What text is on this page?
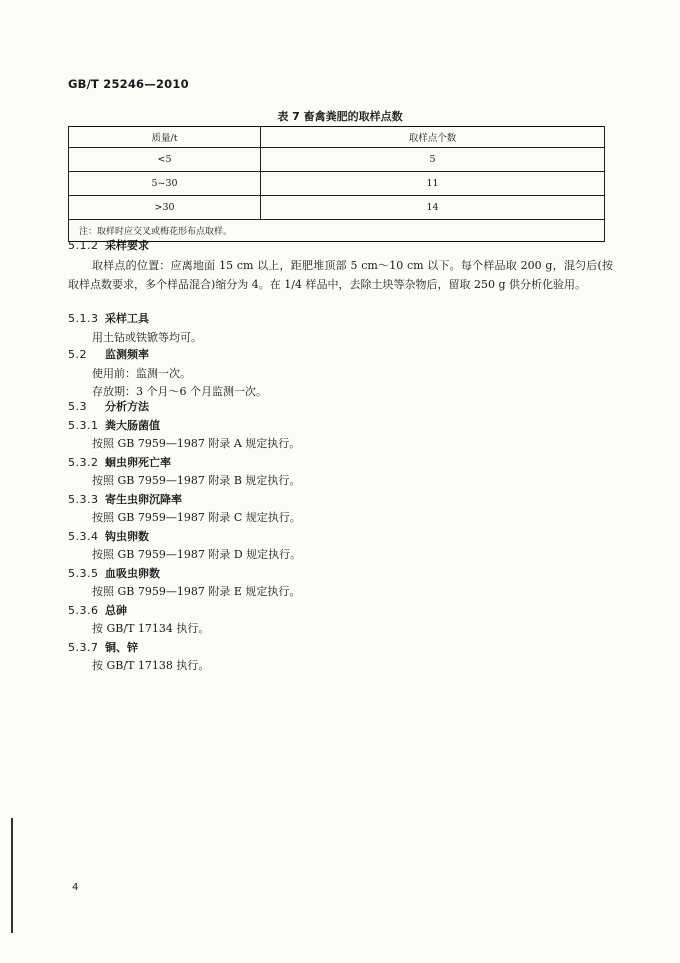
GB/T 25246—2010
表 7 畜禽粪肥的取样点数
质量/t	取样点个数
<5	5
5~30	11
>30	14
注：取样时应交叉或梅花形布点取样。	
5.1.2 采样要求
取样点的位置：应离地面 15 cm 以上，距肥堆顶部 5 cm～10 cm 以下。每个样品取 200 g，混匀后(按取样点数要求，多个样品混合)缩分为 4。在 1/4 样品中，去除土块等杂物后，留取 250 g 供分析化验用。
5.1.3 采样工具
用土钻或铁锨等均可。
5.2 监测频率
使用前：监测一次。
存放期：3 个月～6 个月监测一次。
5.3 分析方法
5.3.1 粪大肠菌值
按照 GB 7959—1987 附录 A 规定执行。
5.3.2 蛔虫卵死亡率
按照 GB 7959—1987 附录 B 规定执行。
5.3.3 寄生虫卵沉降率
按照 GB 7959—1987 附录 C 规定执行。
5.3.4 钩虫卵数
按照 GB 7959—1987 附录 D 规定执行。
5.3.5 血吸虫卵数
按照 GB 7959—1987 附录 E 规定执行。
5.3.6 总砷
按 GB/T 17134 执行。
5.3.7 铜、锌
按 GB/T 17138 执行。
4
